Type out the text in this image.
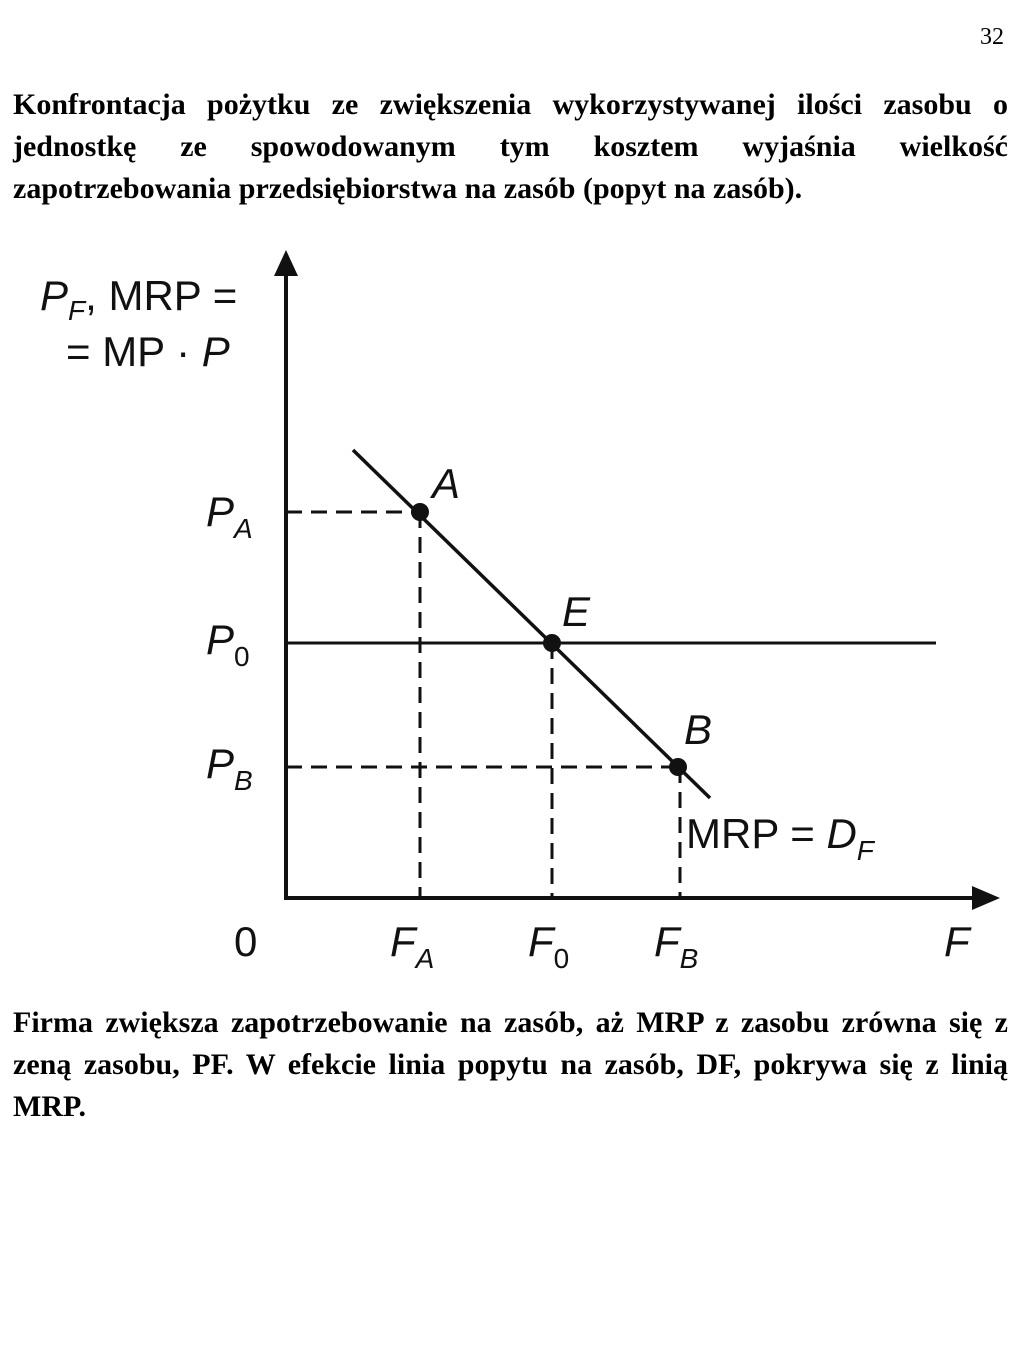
32

Konfrontacja pożytku ze zwiększenia wykorzystywanej ilości zasobu o jednostkę ze spowodowanym tym kosztem wyjaśnia wielkość zapotrzebowania przedsiębiorstwa na zasób (popyt na zasób).

A
E
B
$P_F$, MRP =
= MP · P
$P_A$
$P_0$
$P_B$
0	$F_A$ $F_0$ $F_B$	F
MRP = $D_F$

Firma zwiększa zapotrzebowanie na zasób, aż MRP z zasobu zrówna się z zeną zasobu, PF. W efekcie linia popytu na zasób, DF, pokrywa się z linią MRP.
